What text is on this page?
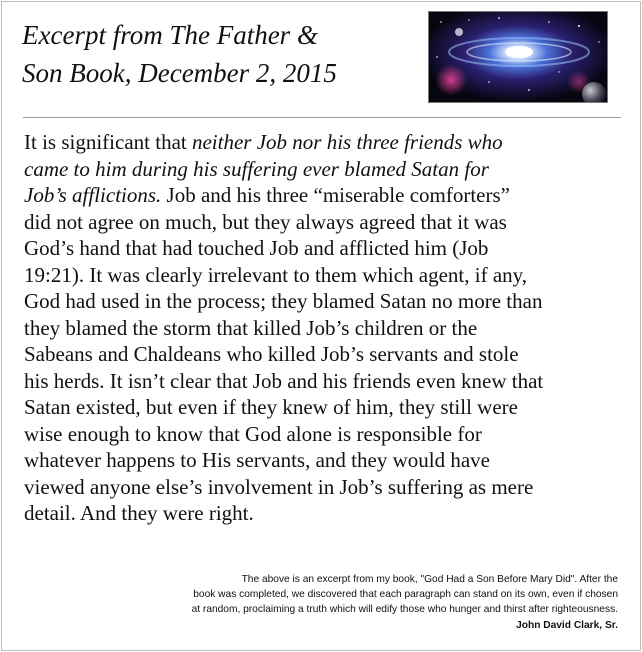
Excerpt from The Father &
Son Book, December 2, 2015
It is significant that neither Job nor his three friends who
came to him during his suffering ever blamed Satan for
Job’s afflictions. Job and his three “miserable comforters”
did not agree on much, but they always agreed that it was
God’s hand that had touched Job and afflicted him (Job
19:21). It was clearly irrelevant to them which agent, if any,
God had used in the process; they blamed Satan no more than
they blamed the storm that killed Job’s children or the
Sabeans and Chaldeans who killed Job’s servants and stole
his herds. It isn’t clear that Job and his friends even knew that
Satan existed, but even if they knew of him, they still were
wise enough to know that God alone is responsible for
whatever happens to His servants, and they would have
viewed anyone else’s involvement in Job’s suffering as mere
detail. And they were right.
The above is an excerpt from my book, "God Had a Son Before Mary Did". After the
book was completed, we discovered that each paragraph can stand on its own, even if chosen
at random, proclaiming a truth which will edify those who hunger and thirst after righteousness.
John David Clark, Sr.
